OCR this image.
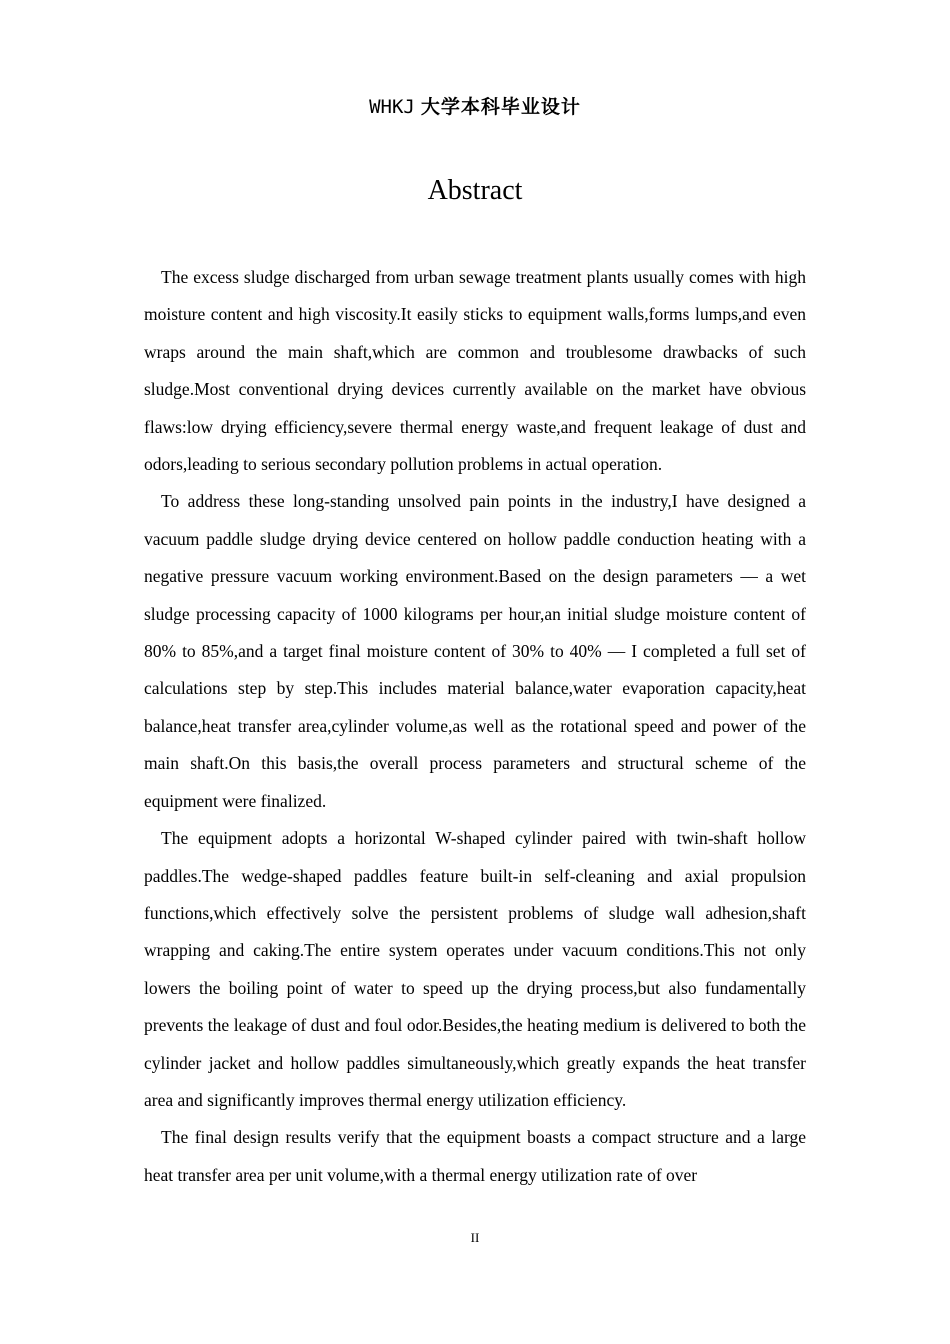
WHKJ 大学本科毕业设计
Abstract

The excess sludge discharged from urban sewage treatment plants usually comes with high moisture content and high viscosity.It easily sticks to equipment walls,forms lumps,and even wraps around the main shaft,which are common and troublesome drawbacks of such sludge.Most conventional drying devices currently available on the market have obvious flaws:low drying efficiency,severe thermal energy waste,and frequent leakage of dust and odors,leading to serious secondary pollution problems in actual operation.

To address these long-standing unsolved pain points in the industry,I have designed a vacuum paddle sludge drying device centered on hollow paddle conduction heating with a negative pressure vacuum working environment.Based on the design parameters — a wet sludge processing capacity of 1000 kilograms per hour,an initial sludge moisture content of 80% to 85%,and a target final moisture content of 30% to 40% — I completed a full set of calculations step by step.This includes material balance,water evaporation capacity,heat balance,heat transfer area,cylinder volume,as well as the rotational speed and power of the main shaft.On this basis,the overall process parameters and structural scheme of the equipment were finalized.

The equipment adopts a horizontal W-shaped cylinder paired with twin-shaft hollow paddles.The wedge-shaped paddles feature built-in self-cleaning and axial propulsion functions,which effectively solve the persistent problems of sludge wall adhesion,shaft wrapping and caking.The entire system operates under vacuum conditions.This not only lowers the boiling point of water to speed up the drying process,but also fundamentally prevents the leakage of dust and foul odor.Besides,the heating medium is delivered to both the cylinder jacket and hollow paddles simultaneously,which greatly expands the heat transfer area and significantly improves thermal energy utilization efficiency.

The final design results verify that the equipment boasts a compact structure and a large heat transfer area per unit volume,with a thermal energy utilization rate of over

II
